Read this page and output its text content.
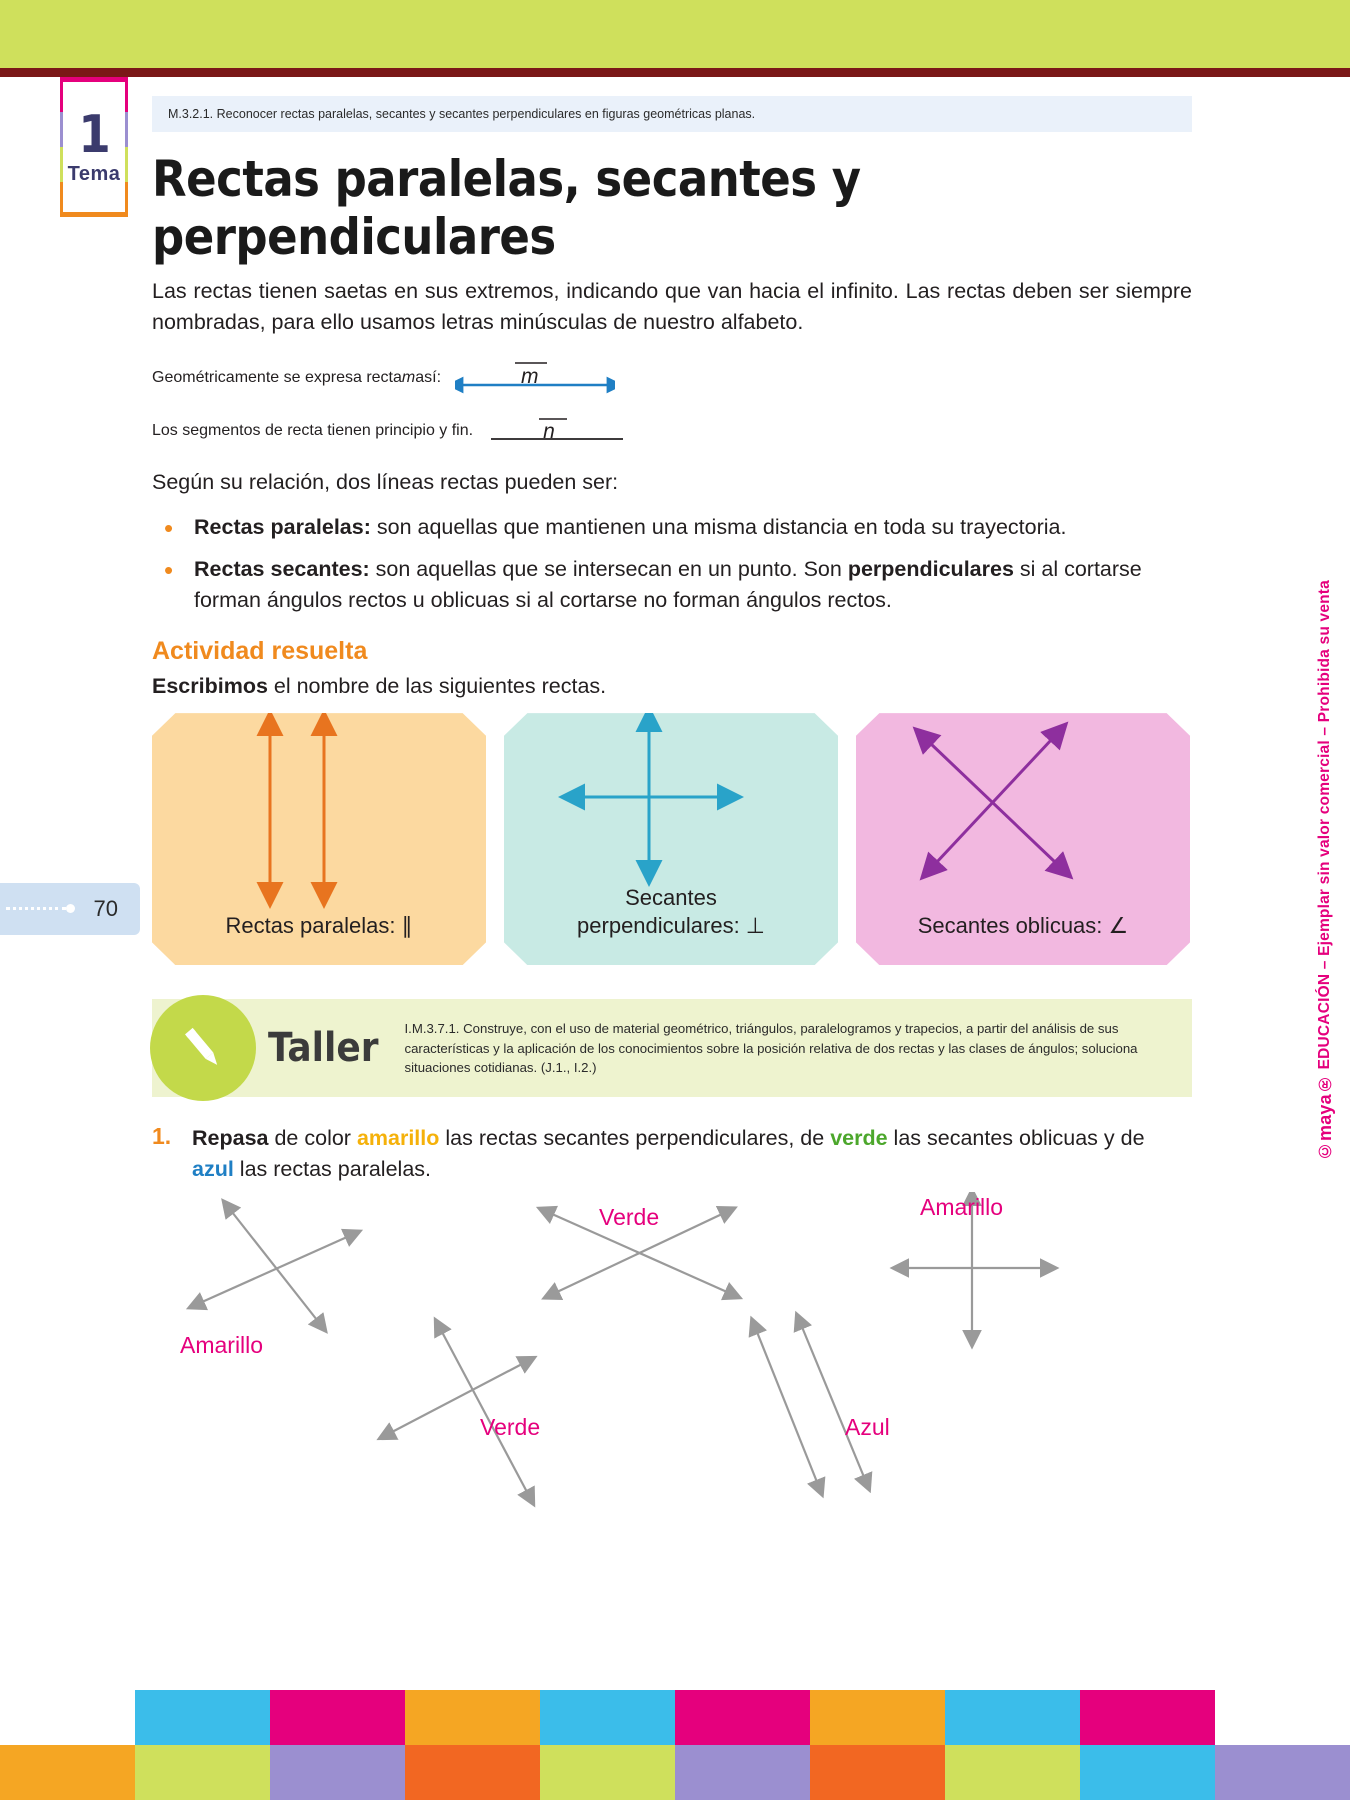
1
Tema
70
©maya® EDUCACIÓN – Ejemplar sin valor comercial – Prohibida su venta
M.3.2.1. Reconocer rectas paralelas, secantes y secantes perpendiculares en figuras geométricas planas.
Rectas paralelas, secantes y perpendiculares

Las rectas tienen saetas en sus extremos, indicando que van hacia el infinito. Las rectas deben ser siempre nombradas, para ello usamos letras minúsculas de nuestro alfabeto.

Geométricamente se expresa recta m así:	m
Los segmentos de recta tienen principio y fin.	n

Según su relación, dos líneas rectas pueden ser:

• Rectas paralelas: son aquellas que mantienen una misma distancia en toda su trayectoria.
• Rectas secantes: son aquellas que se intersecan en un punto. Son perpendiculares si al cortarse forman ángulos rectos u oblicuas si al cortarse no forman ángulos rectos.
Actividad resuelta

Escribimos el nombre de las siguientes rectas.

Rectas paralelas: ∥
Secantes
perpendiculares: ⊥	Secantes oblicuas: ∠
Taller I.M.3.7.1. Construye, con el uso de material geométrico, triángulos, paralelogramos y trapecios, a partir del análisis de sus características y la aplicación de los conocimientos sobre la posición relativa de dos rectas y las clases de ángulos; soluciona situaciones cotidianas. (J.1., I.2.)
1. Repasa de color amarillo las rectas secantes perpendiculares, de verde las secantes oblicuas y de azul las rectas paralelas.
Amarillo
Verde	Amarillo
Verde	Azul
